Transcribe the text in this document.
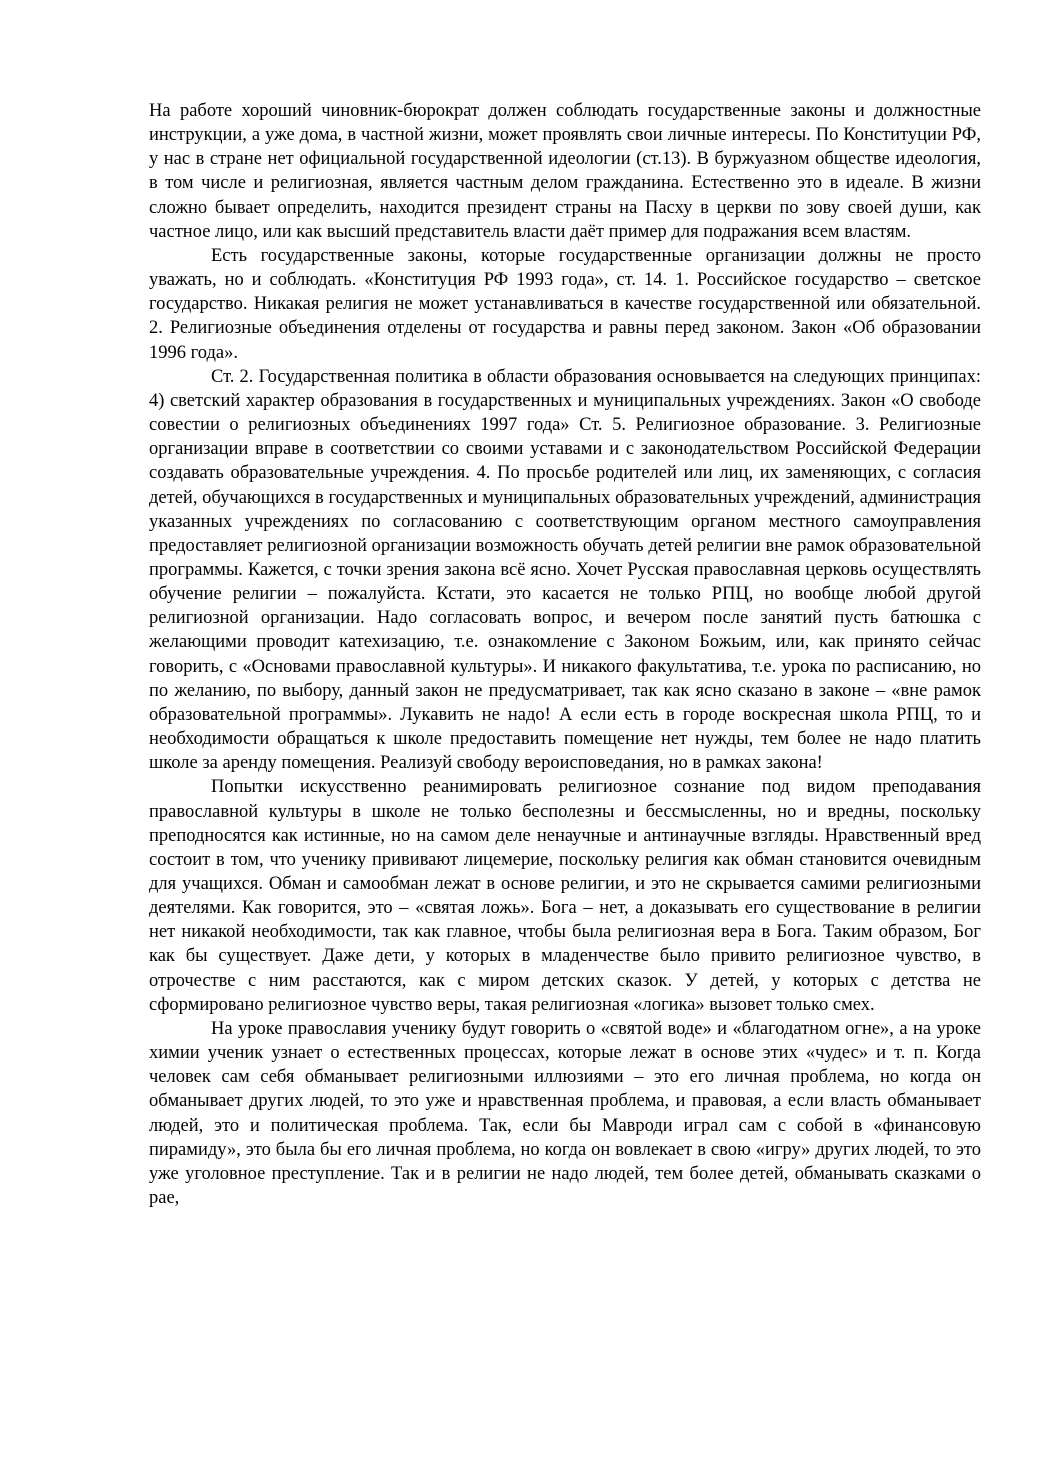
На работе хороший чиновник-бюрократ должен соблюдать государственные законы и должностные инструкции, а уже дома, в частной жизни, может проявлять свои личные интересы. По Конституции РФ, у нас в стране нет официальной государственной идеологии (ст.13). В буржуазном обществе идеология, в том числе и религиозная, является частным делом гражданина. Естественно это в идеале. В жизни сложно бывает определить, находится президент страны на Пасху в церкви по зову своей души, как частное лицо, или как высший представитель власти даёт пример для подражания всем властям.

Есть государственные законы, которые государственные организации должны не просто уважать, но и соблюдать. «Конституция РФ 1993 года», ст. 14. 1. Российское государство – светское государство. Никакая религия не может устанавливаться в качестве государственной или обязательной. 2. Религиозные объединения отделены от государства и равны перед законом. Закон «Об образовании 1996 года».

Ст. 2. Государственная политика в области образования основывается на следующих принципах: 4) светский характер образования в государственных и муниципальных учреждениях. Закон «О свободе совестии о религиозных объединениях 1997 года» Ст. 5. Религиозное образование. 3. Религиозные организации вправе в соответствии со своими уставами и с законодательством Российской Федерации создавать образовательные учреждения. 4. По просьбе родителей или лиц, их заменяющих, с согласия детей, обучающихся в государственных и муниципальных образовательных учреждений, администрация указанных учреждениях по согласованию с соответствующим органом местного самоуправления предоставляет религиозной организации возможность обучать детей религии вне рамок образовательной программы. Кажется, с точки зрения закона всё ясно. Хочет Русская православная церковь осуществлять обучение религии – пожалуйста. Кстати, это касается не только РПЦ, но вообще любой другой религиозной организации. Надо согласовать вопрос, и вечером после занятий пусть батюшка с желающими проводит катехизацию, т.е. ознакомление с Законом Божьим, или, как принято сейчас говорить, с «Основами православной культуры». И никакого факультатива, т.е. урока по расписанию, но по желанию, по выбору, данный закон не предусматривает, так как ясно сказано в законе – «вне рамок образовательной программы». Лукавить не надо! А если есть в городе воскресная школа РПЦ, то и необходимости обращаться к школе предоставить помещение нет нужды, тем более не надо платить школе за аренду помещения. Реализуй свободу вероисповедания, но в рамках закона!

Попытки искусственно реанимировать религиозное сознание под видом преподавания православной культуры в школе не только бесполезны и бессмысленны, но и вредны, поскольку преподносятся как истинные, но на самом деле ненаучные и антинаучные взгляды. Нравственный вред состоит в том, что ученику прививают лицемерие, поскольку религия как обман становится очевидным для учащихся. Обман и самообман лежат в основе религии, и это не скрывается самими религиозными деятелями. Как говорится, это – «святая ложь». Бога – нет, а доказывать его существование в религии нет никакой необходимости, так как главное, чтобы была религиозная вера в Бога. Таким образом, Бог как бы существует. Даже дети, у которых в младенчестве было привито религиозное чувство, в отрочестве с ним расстаются, как с миром детских сказок. У детей, у которых с детства не сформировано религиозное чувство веры, такая религиозная «логика» вызовет только смех.

На уроке православия ученику будут говорить о «святой воде» и «благодатном огне», а на уроке химии ученик узнает о естественных процессах, которые лежат в основе этих «чудес» и т. п. Когда человек сам себя обманывает религиозными иллюзиями – это его личная проблема, но когда он обманывает других людей, то это уже и нравственная проблема, и правовая, а если власть обманывает людей, это и политическая проблема. Так, если бы Мавроди играл сам с собой в «финансовую пирамиду», это была бы его личная проблема, но когда он вовлекает в свою «игру» других людей, то это уже уголовное преступление. Так и в религии не надо людей, тем более детей, обманывать сказками о рае,
